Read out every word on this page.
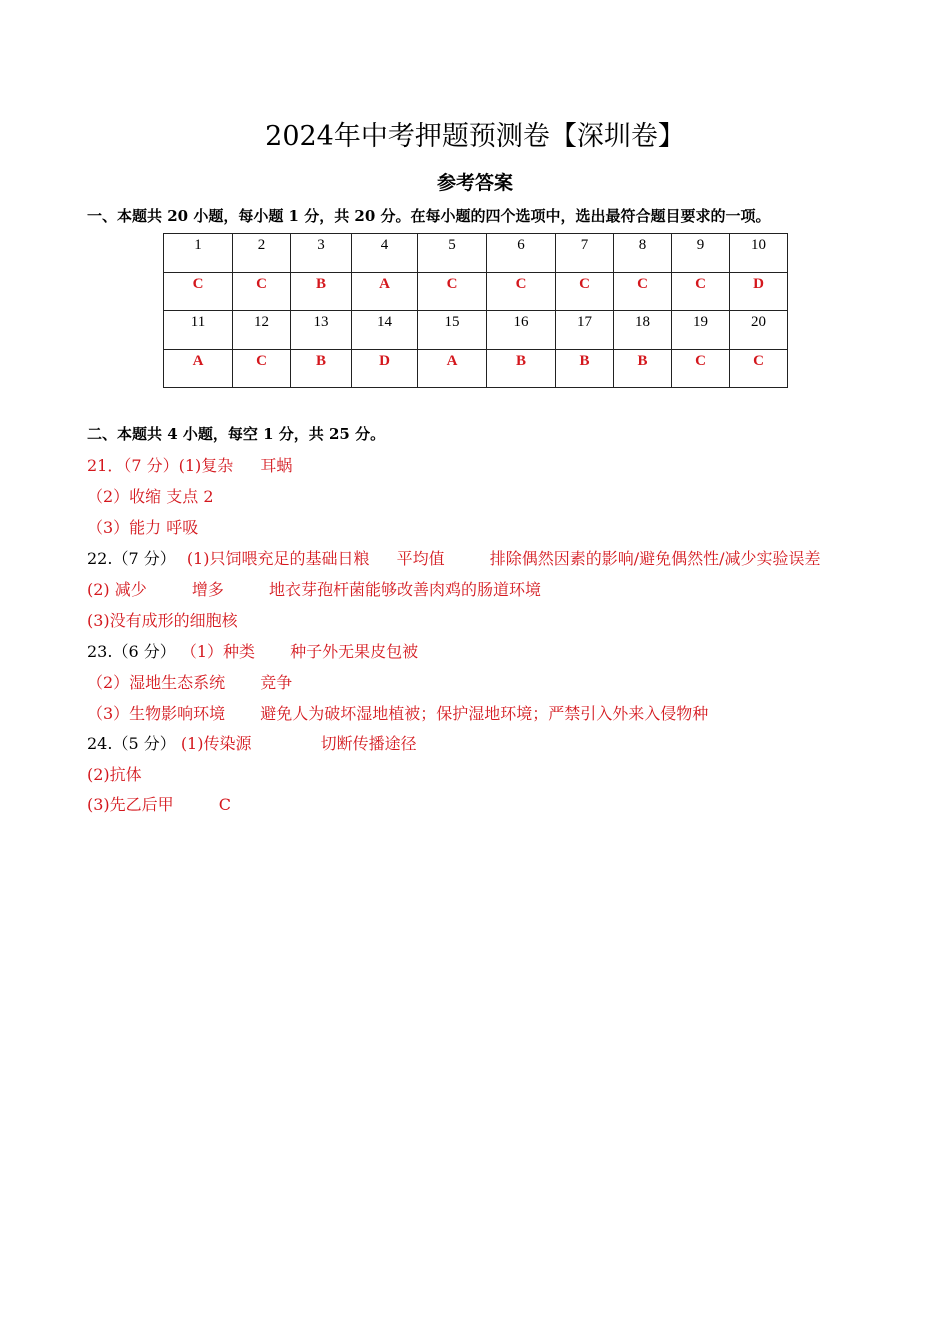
2024年中考押题预测卷【深圳卷】
参考答案
一、本题共 20 小题，每小题 1 分，共 20 分。在每小题的四个选项中，选出最符合题目要求的一项。
1	2	3	4	5	6	7	8	9	10
C	C	B	A	C	C	C	C	C	D
11	12	13	14	15	16	17	18	19	20
A	C	B	D	A	B	B	B	C	C
二、本题共 4 小题，每空 1 分，共 25 分。
21．（7 分）(1)复杂 耳蜗
（2）收缩 支点 2
（3）能力 呼吸
22.（7 分） (1)只饲喂充足的基础日粮 平均值	排除偶然因素的影响/避免偶然性/减少实验误差
(2) 减少	增多	地衣芽孢杆菌能够改善肉鸡的肠道环境
(3)没有成形的细胞核
23.（6 分） （1）种类 种子外无果皮包被
（2）湿地生态系统 竞争
（3）生物影响环境 避免人为破坏湿地植被；保护湿地环境；严禁引入外来入侵物种
24.（5 分） (1)传染源	切断传播途径
(2)抗体
(3)先乙后甲	C
